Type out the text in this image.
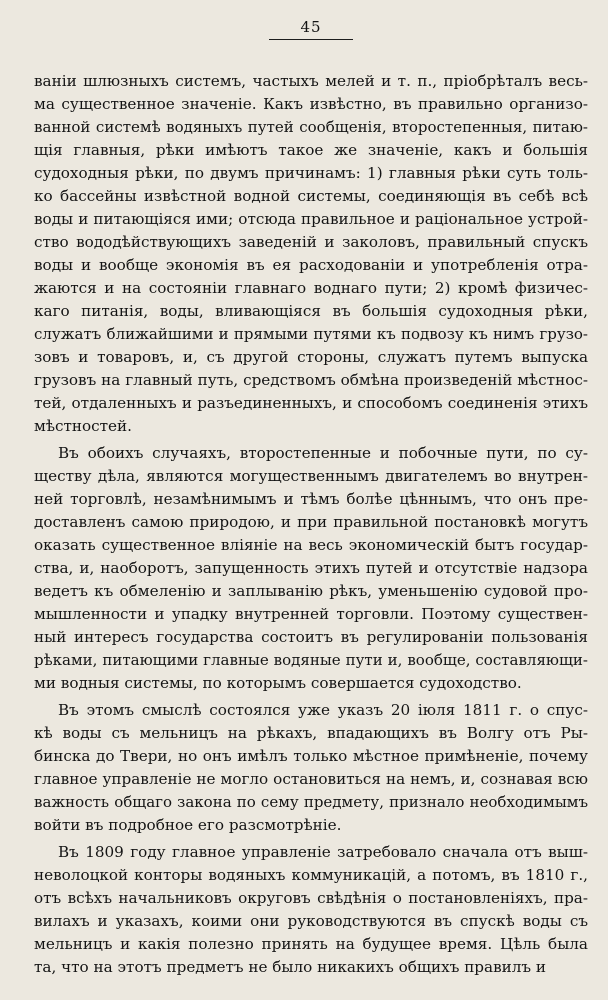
45
ваніи шлюзныхъ системъ, частыхъ мелей и т. п., пріобрѣталъ весь-
ма существенное значеніе. Какъ извѣстно, въ правильно организо-
ванной системѣ водяныхъ путей сообщенія, второстепенныя, питаю-
щія главныя, рѣки имѣютъ такое же значеніе, какъ и большія
судоходныя рѣки, по двумъ причинамъ: 1) главныя рѣки суть толь-
ко бассейны извѣстной водной системы, соединяющія въ себѣ всѣ
воды и питающіяся ими; отсюда правильное и раціональное устрой-
ство вододѣйствующихъ заведеній и заколовъ, правильный спускъ
воды и вообще экономія въ ея расходованіи и употребленія отра-
жаются и на состояніи главнаго воднаго пути; 2) кромѣ физичес-
каго питанія, воды, вливающіяся въ большія судоходныя рѣки,
служатъ ближайшими и прямыми путями къ подвозу къ нимъ грузо-
зовъ и товаровъ, и, съ другой стороны, служатъ путемъ выпуска
грузовъ на главный путь, средствомъ обмѣна произведеній мѣстнос-
тей, отдаленныхъ и разъединенныхъ, и способомъ соединенія этихъ
мѣстностей.
Въ обоихъ случаяхъ, второстепенные и побочные пути, по су-
ществу дѣла, являются могущественнымъ двигателемъ во внутрен-
ней торговлѣ, незамѣнимымъ и тѣмъ болѣе цѣннымъ, что онъ пре-
доставленъ самою природою, и при правильной постановкѣ могутъ
оказать существенное вліяніе на весь экономическій бытъ государ-
ства, и, наоборотъ, запущенность этихъ путей и отсутствіе надзора
ведетъ къ обмеленію и заплыванію рѣкъ, уменьшенію судовой про-
мышленности и упадку внутренней торговли. Поэтому существен-
ный интересъ государства состоитъ въ регулированіи пользованія
рѣками, питающими главные водяные пути и, вообще, составляющи-
ми водныя системы, по которымъ совершается судоходство.
Въ этомъ смыслѣ состоялся уже указъ 20 іюля 1811 г. о спус-
кѣ воды съ мельницъ на рѣкахъ, впадающихъ въ Волгу отъ Ры-
бинска до Твери, но онъ имѣлъ только мѣстное примѣненіе, почему
главное управленіе не могло остановиться на немъ, и, сознавая всю
важность общаго закона по сему предмету, признало необходимымъ
войти въ подробное его разсмотрѣніе.
Въ 1809 году главное управленіе затребовало сначала отъ выш-
неволоцкой конторы водяныхъ коммуникацій, а потомъ, въ 1810 г.,
отъ всѣхъ начальниковъ округовъ свѣдѣнія о постановленіяхъ, пра-
вилахъ и указахъ, коими они руководствуются въ спускѣ воды съ
мельницъ и какія полезно принять на будущее время. Цѣль была
та, что на этотъ предметъ не было никакихъ общихъ правилъ и
